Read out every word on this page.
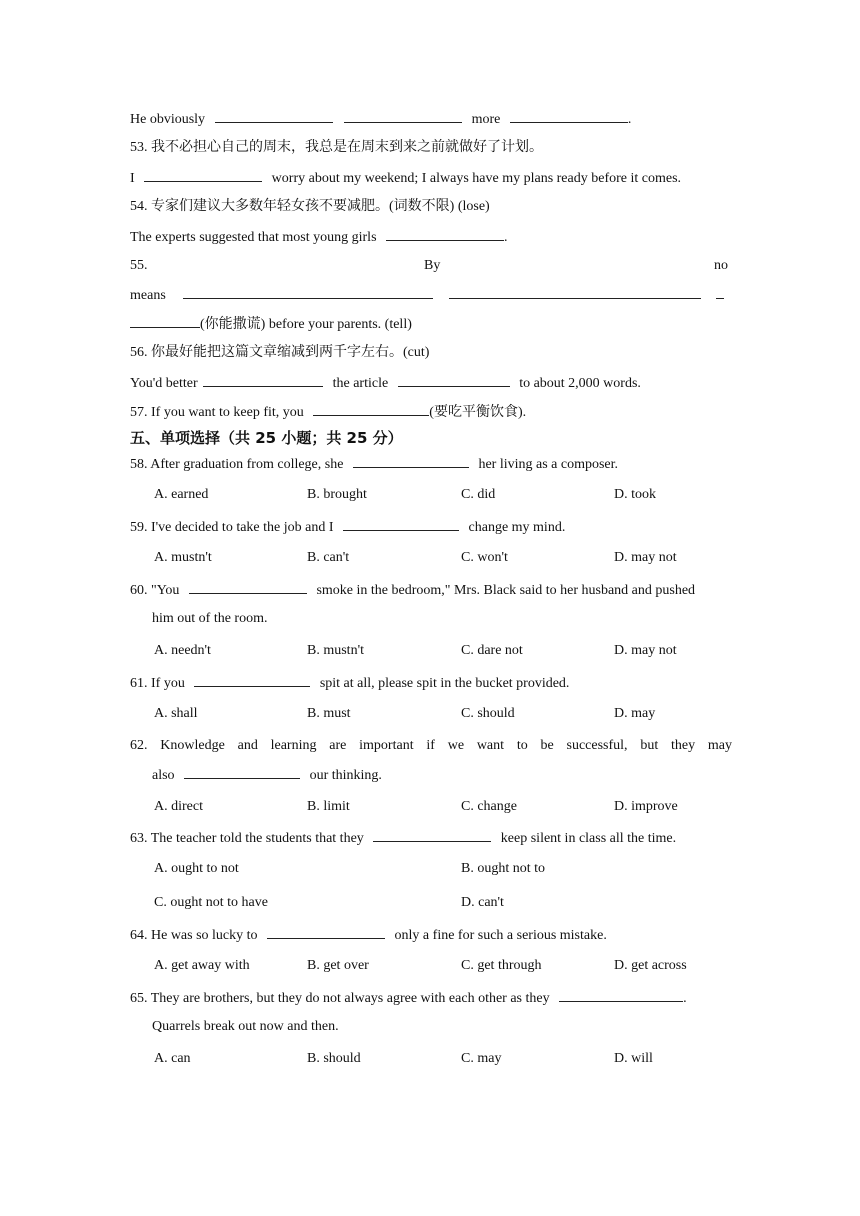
He obviously	more	.
53. 我不必担心自己的周末，我总是在周末到来之前就做好了计划。
I	worry about my weekend; I always have my plans ready before it comes.
54. 专家们建议大多数年轻女孩不要减肥。(词数不限) (lose)
The experts suggested that most young girls	.
55.	By	no
means
(你能撒谎) before your parents. (tell)
56. 你最好能把这篇文章缩减到两千字左右。(cut)
You'd better	the article	to about 2,000 words.
57. If you want to keep fit, you	(要吃平衡饮食).
五、单项选择（共 25 小题；共 25 分）
58. After graduation from college, she	her living as a composer.
A. earned	B. brought	C. did	D. took
59. I've decided to take the job and I	change my mind.
A. mustn't	B. can't	C. won't	D. may not
60. "You	smoke in the bedroom," Mrs. Black said to her husband and pushed
him out of the room.
A. needn't	B. mustn't	C. dare not	D. may not
61. If you	spit at all, please spit in the bucket provided.
A. shall	B. must	C. should	D. may
62. Knowledge and learning are important if we want to be successful, but they may
also	our thinking.
A. direct	B. limit	C. change	D. improve
63. The teacher told the students that they	keep silent in class all the time.
A. ought to not	B. ought not to
C. ought not to have	D. can't
64. He was so lucky to	only a fine for such a serious mistake.
A. get away with	B. get over	C. get through	D. get across
65. They are brothers, but they do not always agree with each other as they	.
Quarrels break out now and then.
A. can	B. should	C. may	D. will
